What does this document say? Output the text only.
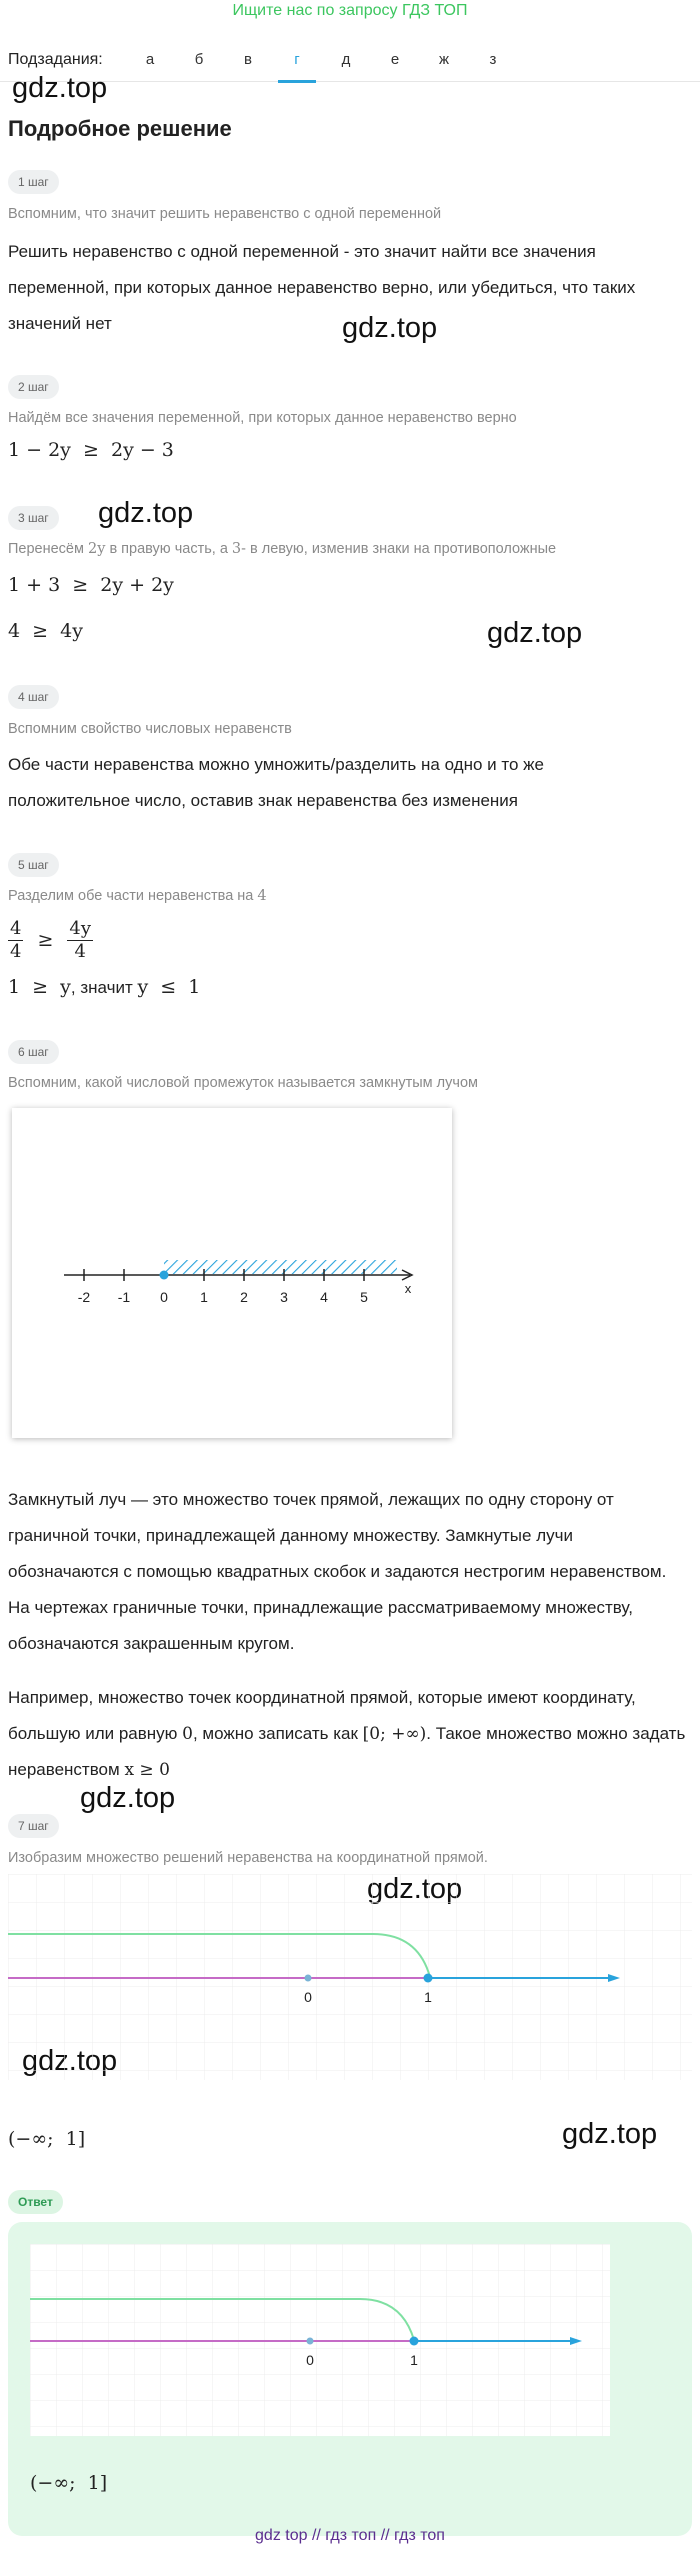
Ищите нас по запросу ГДЗ ТОП
Подзадания:	а	б	в	г	д	е	ж	з
gdz.top
gdz.top
gdz.top
gdz.top
gdz.top
gdz.top
Подробное решение
1 шаг
Вспомним, что значит решить неравенство с одной переменной
Решить неравенство с одной переменной - это значит найти все значения переменной, при которых данное неравенство верно, или убедиться, что таких значений нет
2 шаг
Найдём все значения переменной, при которых данное неравенство верно
1 − 2y  ≥  2y − 3
3 шаг
Перенесём 2y в правую часть, а 3- в левую, изменив знаки на противоположные
1 + 3  ≥  2y + 2y
4  ≥  4y
4 шаг
Вспомним свойство числовых неравенств
Обе части неравенства можно умножить/разделить на одно и то же положительное число, оставив знак неравенства без изменения
5 шаг
Разделим обе части неравенства на 4
$\frac{4}{4} \ge \frac{4y}{4}$
1  ≥  y, значит y  ≤  1
6 шаг
Вспомним, какой числовой промежуток называется замкнутым лучом
-2 -1 0 1 2 3 4 5
x
Замкнутый луч — это множество точек прямой, лежащих по одну сторону от граничной точки, принадлежащей данному множеству. Замкнутые лучи обозначаются с помощью квадратных скобок и задаются нестрогим неравенством. На чертежах граничные точки, принадлежащие рассматриваемому множеству, обозначаются закрашенным кругом.
Например, множество точек координатной прямой, которые имеют координату, большую или равную 0, можно записать как [0; +∞). Такое множество можно задать неравенством x ≥ 0
7 шаг
Изобразим множество решений неравенства на координатной прямой.
0	1
(−∞;  1]
Ответ
0	1
(−∞;  1]
gdz top // гдз топ // гдз топ
